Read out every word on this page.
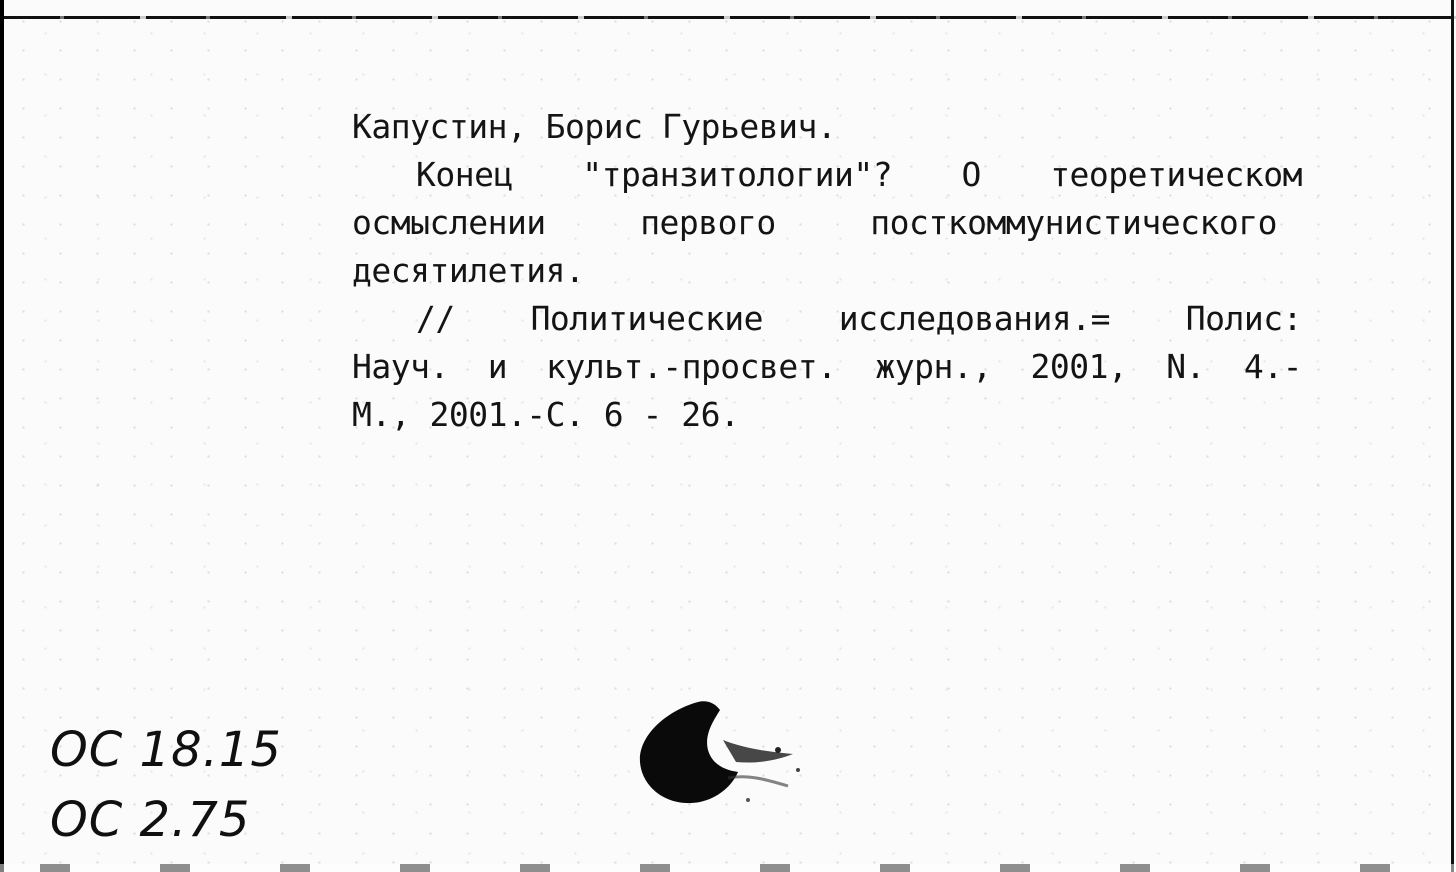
Капустин, Борис Гурьевич.
Конец "транзитологии"? О теоретическом
осмыслении	первого	посткоммунистического
десятилетия.
// Политические исследования.= Полис:
Науч. и культ.-просвет. журн., 2001, N. 4.-
М., 2001.-С. 6 - 26.
OC 18.15
OC 2.75
